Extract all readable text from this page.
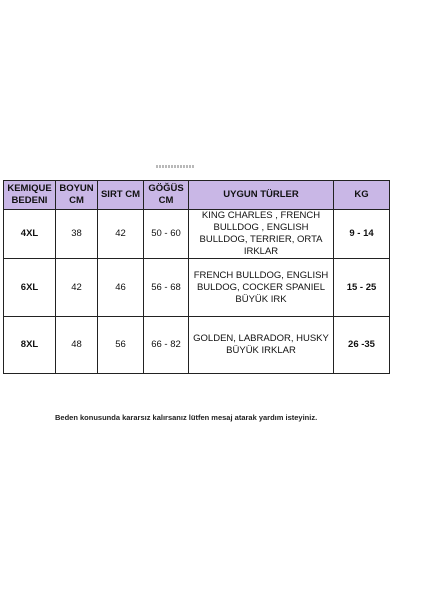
KEMIQUE BEDENI	BOYUN CM	SIRT CM	GÖĞÜS CM	UYGUN TÜRLER	KG
4XL	38	42	50 - 60	KING CHARLES , FRENCH BULLDOG , ENGLISH BULLDOG, TERRIER, ORTA IRKLAR	9 - 14
6XL	42	46	56 - 68	FRENCH BULLDOG, ENGLISH BULDOG, COCKER SPANIEL BÜYÜK IRK	15 - 25
8XL	48	56	66 - 82	GOLDEN, LABRADOR, HUSKY BÜYÜK IRKLAR	26 -35
Beden konusunda kararsız kalırsanız lütfen mesaj atarak yardım isteyiniz.
